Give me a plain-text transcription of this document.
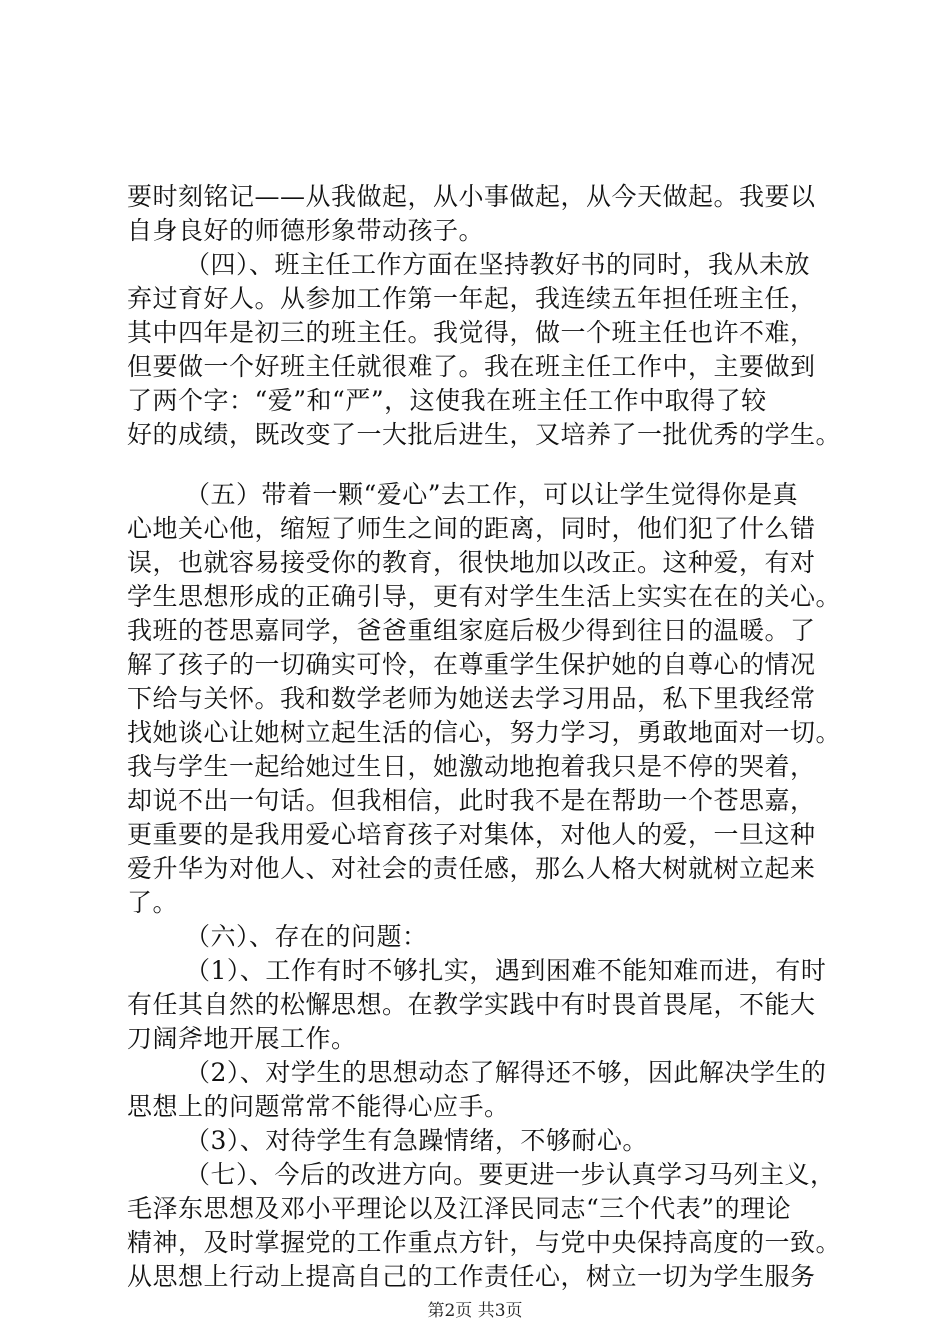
要时刻铭记——从我做起，从小事做起，从今天做起。我要以
自身良好的师德形象带动孩子。
（四）、班主任工作方面在坚持教好书的同时，我从未放
弃过育好人。从参加工作第一年起，我连续五年担任班主任，
其中四年是初三的班主任。我觉得，做一个班主任也许不难，
但要做一个好班主任就很难了。我在班主任工作中，主要做到
了两个字：“爱”和“严”，这使我在班主任工作中取得了较
好的成绩，既改变了一大批后进生，又培养了一批优秀的学生。
（五）带着一颗“爱心”去工作，可以让学生觉得你是真
心地关心他，缩短了师生之间的距离，同时，他们犯了什么错
误，也就容易接受你的教育，很快地加以改正。这种爱，有对
学生思想形成的正确引导，更有对学生生活上实实在在的关心。
我班的苍思嘉同学，爸爸重组家庭后极少得到往日的温暖。了
解了孩子的一切确实可怜，在尊重学生保护她的自尊心的情况
下给与关怀。我和数学老师为她送去学习用品，私下里我经常
找她谈心让她树立起生活的信心，努力学习，勇敢地面对一切。
我与学生一起给她过生日，她激动地抱着我只是不停的哭着，
却说不出一句话。但我相信，此时我不是在帮助一个苍思嘉，
更重要的是我用爱心培育孩子对集体，对他人的爱，一旦这种
爱升华为对他人、对社会的责任感，那么人格大树就树立起来
了。
（六）、存在的问题：
（1）、工作有时不够扎实，遇到困难不能知难而进，有时
有任其自然的松懈思想。在教学实践中有时畏首畏尾，不能大
刀阔斧地开展工作。
（2）、对学生的思想动态了解得还不够，因此解决学生的
思想上的问题常常不能得心应手。
（3）、对待学生有急躁情绪，不够耐心。
（七）、今后的改进方向。要更进一步认真学习马列主义，
毛泽东思想及邓小平理论以及江泽民同志“三个代表”的理论
精神，及时掌握党的工作重点方针，与党中央保持高度的一致。
从思想上行动上提高自己的工作责任心，树立一切为学生服务
第2页 共3页
